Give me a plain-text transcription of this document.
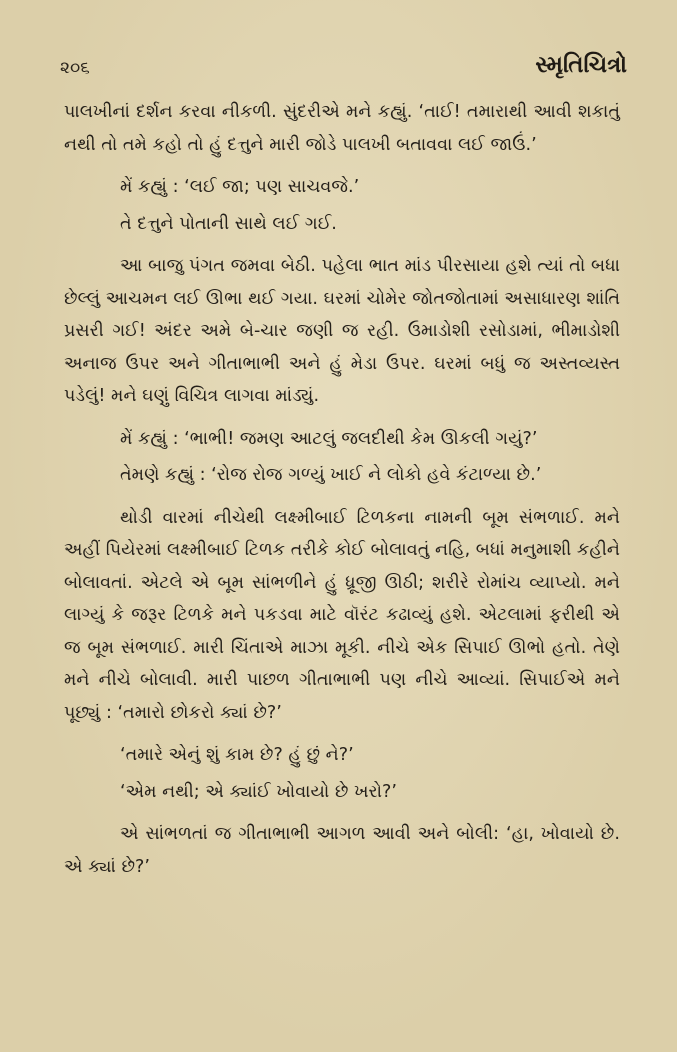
૨૦૬	સ્મૃતિચિત્રો

પાલખીનાં દર્શન કરવા નીકળી. સુંદરીએ મને કહ્યું. ‘તાઈ! તમારાથી આવી શકાતું નથી તો તમે કહો તો હું દત્તુને મારી જોડે પાલખી બતાવવા લઈ જાઉં.’

મેં કહ્યું : ‘લઈ જા; પણ સાચવજે.’

તે દત્તુને પોતાની સાથે લઈ ગઈ.

આ બાજુ પંગત જમવા બેઠી. પહેલા ભાત માંડ પીરસાયા હશે ત્યાં તો બધા છેલ્લું આચમન લઈ ઊભા થઈ ગયા. ઘરમાં ચોમેર જોતજોતામાં અસાધારણ શાંતિ પ્રસરી ગઈ! અંદર અમે બે-ચાર જણી જ રહી. ઉમાડોશી રસોડામાં, ભીમાડોશી અનાજ ઉપર અને ગીતાભાભી અને હું મેડા ઉપર. ઘરમાં બધું જ અસ્તવ્યસ્ત પડેલું! મને ઘણું વિચિત્ર લાગવા માંડ્યું.

મેં કહ્યું : ‘ભાભી! જમણ આટલું જલદીથી કેમ ઊકલી ગયું?’

તેમણે કહ્યું : ‘રોજ રોજ ગળ્યું ખાઈ ને લોકો હવે કંટાળ્યા છે.’

થોડી વારમાં નીચેથી લક્ષ્મીબાઈ ટિળકના નામની બૂમ સંભળાઈ. મને અહીં પિયેરમાં લક્ષ્મીબાઈ ટિળક તરીકે કોઈ બોલાવતું નહિ, બધાં મનુમાશી કહીને બોલાવતાં. એટલે એ બૂમ સાંભળીને હું ધ્રૂજી ઊઠી; શરીરે રોમાંચ વ્યાપ્યો. મને લાગ્યું કે જરૂર ટિળકે મને પકડવા માટે વૉરંટ કઢાવ્યું હશે. એટલામાં ફરીથી એ જ બૂમ સંભળાઈ. મારી ચિંતાએ માઝા મૂકી. નીચે એક સિપાઈ ઊભો હતો. તેણે મને નીચે બોલાવી. મારી પાછળ ગીતાભાભી પણ નીચે આવ્યાં. સિપાઈએ મને પૂછ્યું : ‘તમારો છોકરો ક્યાં છે?’

‘તમારે એનું શું કામ છે? હું છું ને?’

‘એમ નથી; એ ક્યાંઈ ખોવાયો છે ખરો?’

એ સાંભળતાં જ ગીતાભાભી આગળ આવી અને બોલી: ‘હા, ખોવાયો છે. એ ક્યાં છે?’
